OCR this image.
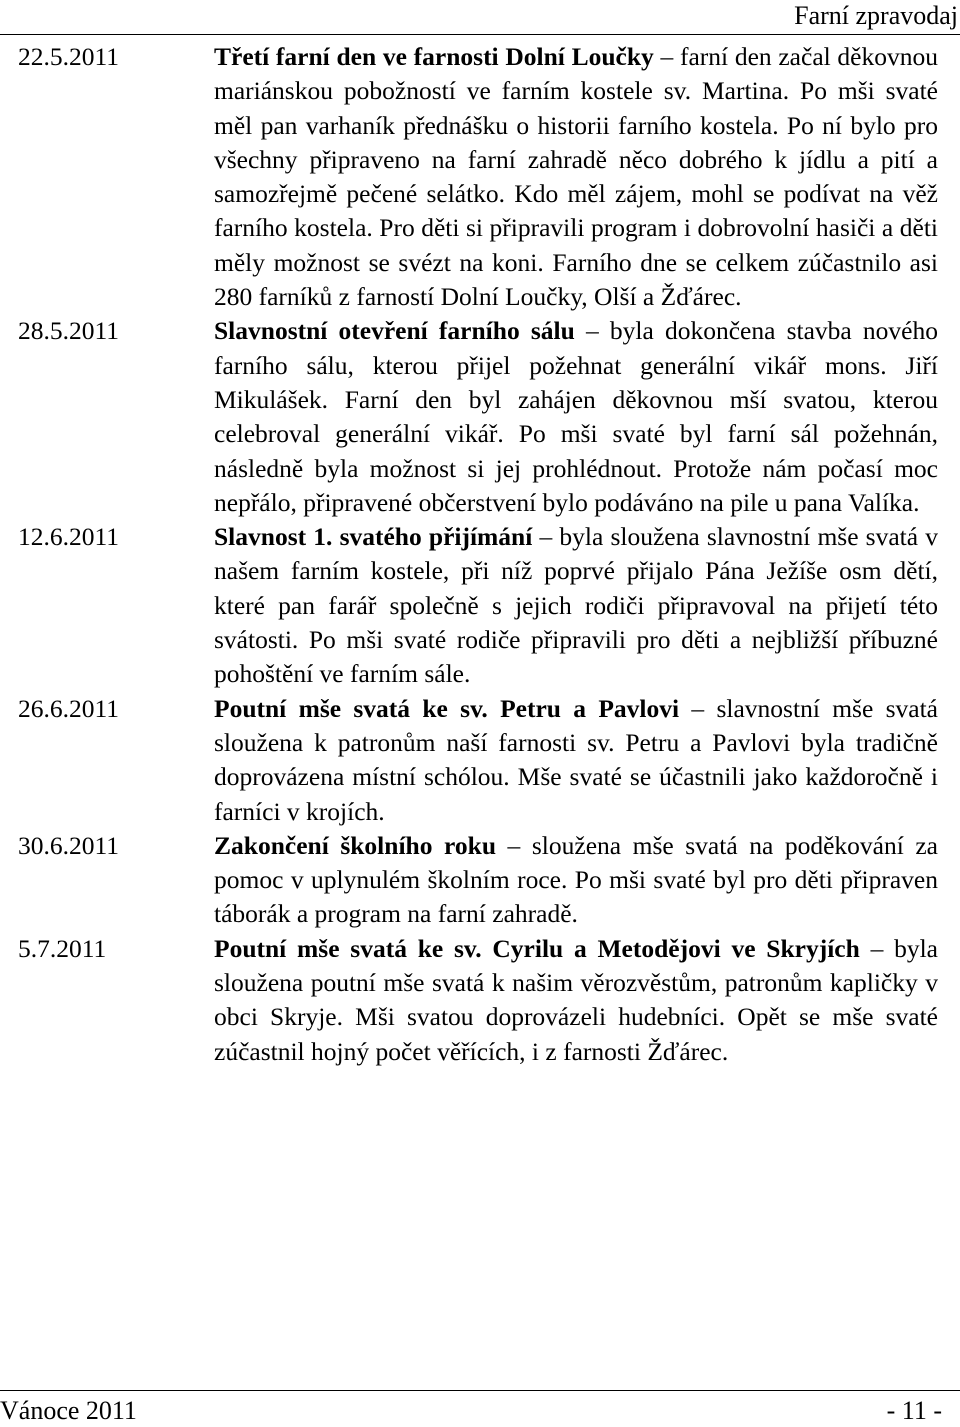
Farní zpravodaj
22.5.2011	Třetí farní den ve farnosti Dolní Loučky – farní den začal děkovnou mariánskou pobožností ve farním kostele sv. Martina. Po mši svaté měl pan varhaník přednášku o historii farního kostela. Po ní bylo pro všechny připraveno na farní zahradě něco dobrého k jídlu a pití a samozřejmě pečené selátko. Kdo měl zájem, mohl se podívat na věž farního kostela. Pro děti si připravili program i dobrovolní hasiči a děti měly možnost se svézt na koni. Farního dne se celkem zúčastnilo asi 280 farníků z farností Dolní Loučky, Olší a Žďárec.
28.5.2011	Slavnostní otevření farního sálu – byla dokončena stavba nového farního sálu, kterou přijel požehnat generální vikář mons. Jiří Mikulášek. Farní den byl zahájen děkovnou mší svatou, kterou celebroval generální vikář. Po mši svaté byl farní sál požehnán, následně byla možnost si jej prohlédnout. Protože nám počasí moc nepřálo, připravené občerstvení bylo podáváno na pile u pana Valíka.
12.6.2011	Slavnost 1. svatého přijímání – byla sloužena slavnostní mše svatá v našem farním kostele, při níž poprvé přijalo Pána Ježíše osm dětí, které pan farář společně s jejich rodiči připravoval na přijetí této svátosti. Po mši svaté rodiče připravili pro děti a nejbližší příbuzné pohoštění ve farním sále.
26.6.2011	Poutní mše svatá ke sv. Petru a Pavlovi – slavnostní mše svatá sloužena k patronům naší farnosti sv. Petru a Pavlovi byla tradičně doprovázena místní schólou. Mše svaté se účastnili jako každoročně i farníci v krojích.
30.6.2011	Zakončení školního roku – sloužena mše svatá na poděkování za pomoc v uplynulém školním roce. Po mši svaté byl pro děti připraven táborák a program na farní zahradě.
5.7.2011	Poutní mše svatá ke sv. Cyrilu a Metodějovi ve Skryjích – byla sloužena poutní mše svatá k našim věrozvěstům, patronům kapličky v obci Skryje. Mši svatou doprovázeli hudebníci. Opět se mše svaté zúčastnil hojný počet věřících, i z farnosti Žďárec.
Vánoce 2011	- 11 -
